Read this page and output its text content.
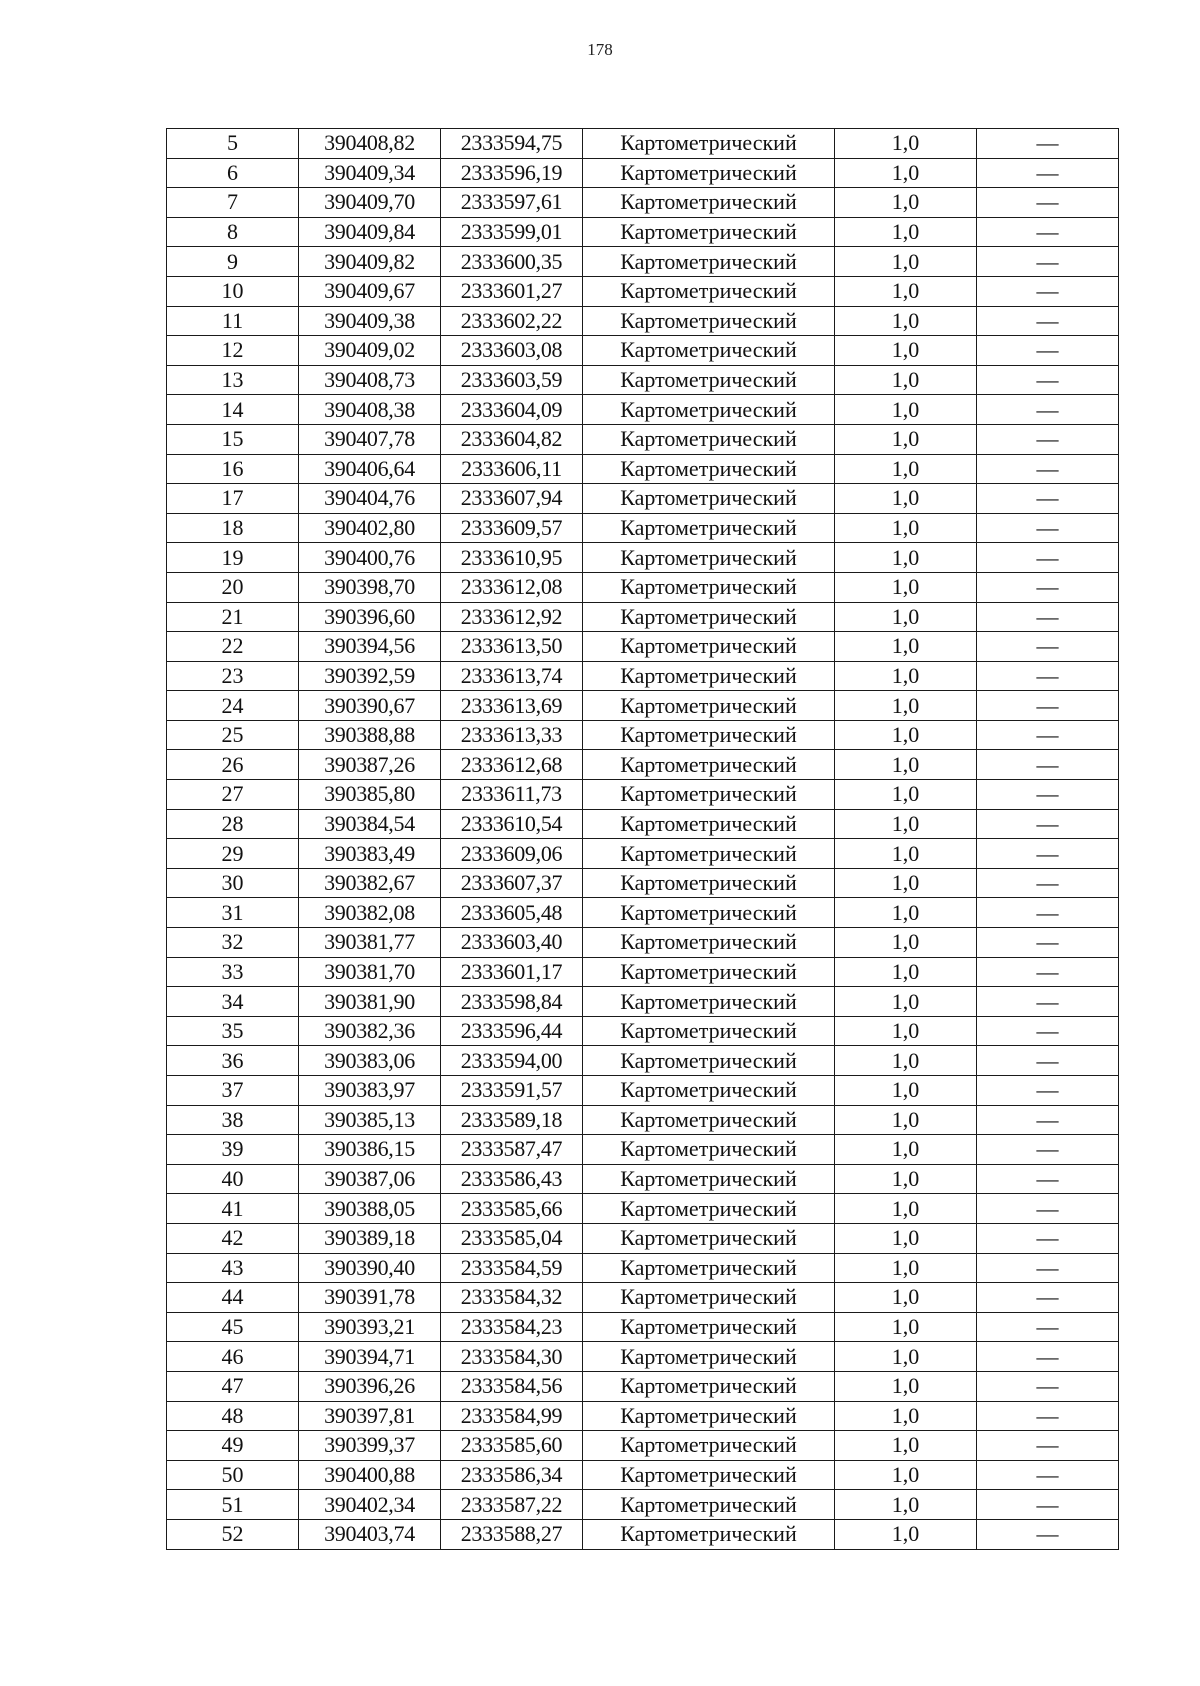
178
5	390408,82	2333594,75	Картометрический	1,0	—
6	390409,34	2333596,19	Картометрический	1,0	—
7	390409,70	2333597,61	Картометрический	1,0	—
8	390409,84	2333599,01	Картометрический	1,0	—
9	390409,82	2333600,35	Картометрический	1,0	—
10	390409,67	2333601,27	Картометрический	1,0	—
11	390409,38	2333602,22	Картометрический	1,0	—
12	390409,02	2333603,08	Картометрический	1,0	—
13	390408,73	2333603,59	Картометрический	1,0	—
14	390408,38	2333604,09	Картометрический	1,0	—
15	390407,78	2333604,82	Картометрический	1,0	—
16	390406,64	2333606,11	Картометрический	1,0	—
17	390404,76	2333607,94	Картометрический	1,0	—
18	390402,80	2333609,57	Картометрический	1,0	—
19	390400,76	2333610,95	Картометрический	1,0	—
20	390398,70	2333612,08	Картометрический	1,0	—
21	390396,60	2333612,92	Картометрический	1,0	—
22	390394,56	2333613,50	Картометрический	1,0	—
23	390392,59	2333613,74	Картометрический	1,0	—
24	390390,67	2333613,69	Картометрический	1,0	—
25	390388,88	2333613,33	Картометрический	1,0	—
26	390387,26	2333612,68	Картометрический	1,0	—
27	390385,80	2333611,73	Картометрический	1,0	—
28	390384,54	2333610,54	Картометрический	1,0	—
29	390383,49	2333609,06	Картометрический	1,0	—
30	390382,67	2333607,37	Картометрический	1,0	—
31	390382,08	2333605,48	Картометрический	1,0	—
32	390381,77	2333603,40	Картометрический	1,0	—
33	390381,70	2333601,17	Картометрический	1,0	—
34	390381,90	2333598,84	Картометрический	1,0	—
35	390382,36	2333596,44	Картометрический	1,0	—
36	390383,06	2333594,00	Картометрический	1,0	—
37	390383,97	2333591,57	Картометрический	1,0	—
38	390385,13	2333589,18	Картометрический	1,0	—
39	390386,15	2333587,47	Картометрический	1,0	—
40	390387,06	2333586,43	Картометрический	1,0	—
41	390388,05	2333585,66	Картометрический	1,0	—
42	390389,18	2333585,04	Картометрический	1,0	—
43	390390,40	2333584,59	Картометрический	1,0	—
44	390391,78	2333584,32	Картометрический	1,0	—
45	390393,21	2333584,23	Картометрический	1,0	—
46	390394,71	2333584,30	Картометрический	1,0	—
47	390396,26	2333584,56	Картометрический	1,0	—
48	390397,81	2333584,99	Картометрический	1,0	—
49	390399,37	2333585,60	Картометрический	1,0	—
50	390400,88	2333586,34	Картометрический	1,0	—
51	390402,34	2333587,22	Картометрический	1,0	—
52	390403,74	2333588,27	Картометрический	1,0	—
